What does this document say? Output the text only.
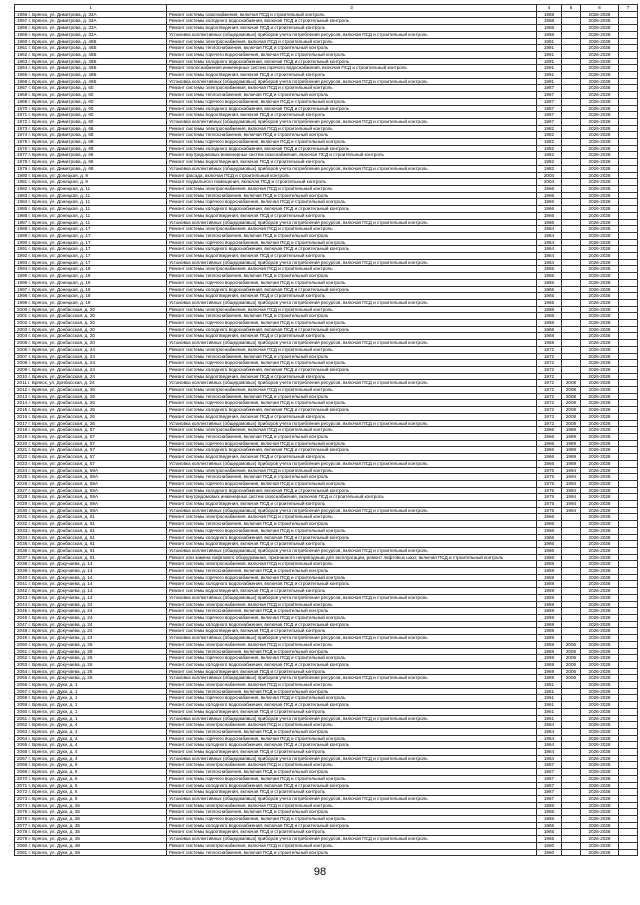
1	3	4	5	6	7
1956 г. Брянск, ул. Димитрова, д. 33А	Ремонт системы газоснабжения, включая ПСД и строительный контроль	1968		2026-2028	
1957 г. Брянск, ул. Димитрова, д. 33А	Ремонт системы холодного водоснабжения, включая ПСД и строительный контроль	1968		2026-2028	
1958 г. Брянск, ул. Димитрова, д. 33А	Ремонт системы водоотведения, включая ПСД и строительный контроль	1968		2026-2028	
1959 г. Брянск, ул. Димитрова, д. 33А	Установка коллективных (общедомовых) приборов учета потребления ресурсов, включая ПСД и строительный контроль	1968		2026-2028	
1960 г. Брянск, ул. Димитрова, д. 46Б	Ремонт системы электроснабжения, включая ПСД и строительный контроль	1991		2026-2028	
1961 г. Брянск, ул. Димитрова, д. 46Б	Ремонт системы теплоснабжения, включая ПСД и строительный контроль	1991		2026-2028	
1962 г. Брянск, ул. Димитрова, д. 46Б	Ремонт системы горячего водоснабжения, включая ПСД и строительный контроль	1991		2026-2028	
1963 г. Брянск, ул. Димитрова, д. 46Б	Ремонт системы холодного водоснабжения, включая ПСД и строительный контроль	1991		2026-2028	
1964 г. Брянск, ул. Димитрова, д. 46Б	Ремонт теплоснабжения инженерных систем горячего водоснабжения, включая ПСД и строительный контроль	1991		2026-2028	
1965 г. Брянск, ул. Димитрова, д. 46Б	Ремонт системы водоотведения, включая ПСД и строительный контроль	1991		2026-2028	
1966 г. Брянск, ул. Димитрова, д. 46Б	Установка коллективных (общедомовых) приборов учета потребления ресурсов, включая ПСД и строительный контроль	1991		2026-2028	
1967 г. Брянск, ул. Димитрова, д. 60	Ремонт системы электроснабжения, включая ПСД и строительный контроль	1967		2026-2028	
1968 г. Брянск, ул. Димитрова, д. 60	Ремонт системы теплоснабжения, включая ПСД и строительный контроль	1967		2026-2028	
1969 г. Брянск, ул. Димитрова, д. 60	Ремонт системы горячего водоснабжения, включая ПСД и строительный контроль	1967		2026-2028	
1970 г. Брянск, ул. Димитрова, д. 60	Ремонт системы холодного водоснабжения, включая ПСД и строительный контроль	1967		2026-2028	
1971 г. Брянск, ул. Димитрова, д. 60	Ремонт системы водоотведения, включая ПСД и строительный контроль	1967		2026-2028	
1972 г. Брянск, ул. Димитрова, д. 60	Установка коллективных (общедомовых) приборов учета потребления ресурсов, включая ПСД и строительный контроль	1967		2026-2028	
1973 г. Брянск, ул. Димитрова, д. 68	Ремонт системы электроснабжения, включая ПСД и строительный контроль	1982		2026-2028	
1974 г. Брянск, ул. Димитрова, д. 68	Ремонт системы теплоснабжения, включая ПСД и строительный контроль	1982		2026-2028	
1975 г. Брянск, ул. Димитрова, д. 68	Ремонт системы горячего водоснабжения, включая ПСД и строительный контроль	1982		2026-2028	
1976 г. Брянск, ул. Димитрова, д. 68	Ремонт системы холодного водоснабжения, включая ПСД и строительный контроль	1982		2026-2028	
1977 г. Брянск, ул. Димитрова, д. 68	Ремонт внутридомовых инженерных систем газоснабжения, включая ПСД и строительный контроль	1982		2026-2028	
1978 г. Брянск, ул. Димитрова, д. 68	Ремонт системы водоотведения, включая ПСД и строительный контроль	1982		2026-2028	
1979 г. Брянск, ул. Димитрова, д. 68	Установка коллективных (общедомовых) приборов учета потребления ресурсов, включая ПСД и строительный контроль	1982		2026-2028	
1980 г. Брянск, ул. Донецкая, д. 9	Ремонт фасада, включая ПСД и строительный контроль	2004		2026-2028	
1981 г. Брянск, ул. Донецкая, д. 9	Ремонт подвального помещения, включая ПСД и строительный контроль	2004		2026-2028	
1982 г. Брянск, ул. Донецкая, д. 11	Ремонт системы электроснабжения, включая ПСД и строительный контроль	1966		2026-2028	
1983 г. Брянск, ул. Донецкая, д. 11	Ремонт системы теплоснабжения, включая ПСД и строительный контроль	1966		2026-2028	
1984 г. Брянск, ул. Донецкая, д. 11	Ремонт системы горячего водоснабжения, включая ПСД и строительный контроль	1966		2026-2028	
1985 г. Брянск, ул. Донецкая, д. 11	Ремонт системы холодного водоснабжения, включая ПСД и строительный контроль	1966		2026-2028	
1986 г. Брянск, ул. Донецкая, д. 11	Ремонт системы водоотведения, включая ПСД и строительный контроль	1966		2026-2028	
1987 г. Брянск, ул. Донецкая, д. 11	Установка коллективных (общедомовых) приборов учета потребления ресурсов, включая ПСД и строительный контроль	1966		2026-2028	
1988 г. Брянск, ул. Донецкая, д. 17	Ремонт системы электроснабжения, включая ПСД и строительный контроль	1964		2026-2028	
1989 г. Брянск, ул. Донецкая, д. 17	Ремонт системы теплоснабжения, включая ПСД и строительный контроль	1964		2026-2028	
1990 г. Брянск, ул. Донецкая, д. 17	Ремонт системы горячего водоснабжения, включая ПСД и строительный контроль	1964		2026-2028	
1991 г. Брянск, ул. Донецкая, д. 17	Ремонт системы холодного водоснабжения, включая ПСД и строительный контроль	1964		2026-2028	
1992 г. Брянск, ул. Донецкая, д. 17	Ремонт системы водоотведения, включая ПСД и строительный контроль	1964		2026-2028	
1993 г. Брянск, ул. Донецкая, д. 17	Установка коллективных (общедомовых) приборов учета потребления ресурсов, включая ПСД и строительный контроль	1964		2026-2028	
1994 г. Брянск, ул. Донецкая, д. 19	Ремонт системы электроснабжения, включая ПСД и строительный контроль	1965		2026-2028	
1995 г. Брянск, ул. Донецкая, д. 19	Ремонт системы теплоснабжения, включая ПСД и строительный контроль	1965		2026-2028	
1996 г. Брянск, ул. Донецкая, д. 19	Ремонт системы горячего водоснабжения, включая ПСД и строительный контроль	1965		2026-2028	
1997 г. Брянск, ул. Донецкая, д. 19	Ремонт системы холодного водоснабжения, включая ПСД и строительный контроль	1965		2026-2028	
1998 г. Брянск, ул. Донецкая, д. 19	Ремонт системы водоотведения, включая ПСД и строительный контроль	1965		2026-2028	
1999 г. Брянск, ул. Донецкая, д. 19	Установка коллективных (общедомовых) приборов учета потребления ресурсов, включая ПСД и строительный контроль	1965		2026-2028	
2000 г. Брянск, ул. Донбасская, д. 20	Ремонт системы электроснабжения, включая ПСД и строительный контроль	1968		2026-2028	
2001 г. Брянск, ул. Донбасская, д. 20	Ремонт системы теплоснабжения, включая ПСД и строительный контроль	1968		2026-2028	
2002 г. Брянск, ул. Донбасская, д. 20	Ремонт системы горячего водоснабжения, включая ПСД и строительный контроль	1968		2026-2028	
2003 г. Брянск, ул. Донбасская, д. 20	Ремонт системы холодного водоснабжения, включая ПСД и строительный контроль	1968		2026-2028	
2004 г. Брянск, ул. Донбасская, д. 20	Ремонт системы водоотведения, включая ПСД и строительный контроль	1968		2026-2028	
2005 г. Брянск, ул. Донбасская, д. 20	Установка коллективных (общедомовых) приборов учета потребления ресурсов, включая ПСД и строительный контроль	1968		2026-2028	
2006 г. Брянск, ул. Донбасская, д. 24	Ремонт системы электроснабжения, включая ПСД и строительный контроль	1972		2026-2028	
2007 г. Брянск, ул. Донбасская, д. 24	Ремонт системы теплоснабжения, включая ПСД и строительный контроль	1972		2026-2028	
2008 г. Брянск, ул. Донбасская, д. 24	Ремонт системы горячего водоснабжения, включая ПСД и строительный контроль	1972		2026-2028	
2009 г. Брянск, ул. Донбасская, д. 24	Ремонт системы холодного водоснабжения, включая ПСД и строительный контроль	1972		2026-2028	
2010 г. Брянск, ул. Донбасская, д. 24	Ремонт системы водоотведения, включая ПСД и строительный контроль	1972		2026-2028	
2011 г. Брянск, ул. Донбасская, д. 24	Установка коллективных (общедомовых) приборов учета потребления ресурсов, включая ПСД и строительный контроль	1972	2008	2026-2028	
2012 г. Брянск, ул. Донбасская, д. 26	Ремонт системы электроснабжения, включая ПСД и строительный контроль	1972	2008	2026-2028	
2013 г. Брянск, ул. Донбасская, д. 26	Ремонт системы теплоснабжения, включая ПСД и строительный контроль	1972	2008	2026-2028	
2014 г. Брянск, ул. Донбасская, д. 26	Ремонт системы горячего водоснабжения, включая ПСД и строительный контроль	1972	2008	2026-2028	
2015 г. Брянск, ул. Донбасская, д. 26	Ремонт системы холодного водоснабжения, включая ПСД и строительный контроль	1972	2008	2026-2028	
2016 г. Брянск, ул. Донбасская, д. 26	Ремонт системы водоотведения, включая ПСД и строительный контроль	1972	2008	2026-2028	
2017 г. Брянск, ул. Донбасская, д. 26	Установка коллективных (общедомовых) приборов учета потребления ресурсов, включая ПСД и строительный контроль	1972	2008	2026-2028	
2018 г. Брянск, ул. Донбасская, д. 57	Ремонт системы электроснабжения, включая ПСД и строительный контроль	1966	1989	2026-2028	
2019 г. Брянск, ул. Донбасская, д. 57	Ремонт системы теплоснабжения, включая ПСД и строительный контроль	1966	1989	2026-2028	
2020 г. Брянск, ул. Донбасская, д. 57	Ремонт системы горячего водоснабжения, включая ПСД и строительный контроль	1966	1989	2026-2028	
2021 г. Брянск, ул. Донбасская, д. 57	Ремонт системы холодного водоснабжения, включая ПСД и строительный контроль	1966	1989	2026-2028	
2022 г. Брянск, ул. Донбасская, д. 57	Ремонт системы водоотведения, включая ПСД и строительный контроль	1966	1989	2026-2028	
2023 г. Брянск, ул. Донбасская, д. 57	Установка коллективных (общедомовых) приборов учета потребления ресурсов, включая ПСД и строительный контроль	1966	1989	2026-2028	
2024 г. Брянск, ул. Донбасская, д. 59А	Ремонт системы электроснабжения, включая ПСД и строительный контроль	1975	1994	2026-2028	
2025 г. Брянск, ул. Донбасская, д. 59А	Ремонт системы теплоснабжения, включая ПСД и строительный контроль	1975	1994	2026-2028	
2026 г. Брянск, ул. Донбасская, д. 59А	Ремонт системы горячего водоснабжения, включая ПСД и строительный контроль	1975	1994	2026-2028	
2027 г. Брянск, ул. Донбасская, д. 59А	Ремонт системы холодного водоснабжения, включая ПСД и строительный контроль	1975	1994	2026-2028	
2028 г. Брянск, ул. Донбасская, д. 59А	Ремонт внутридомовых инженерных систем газоснабжения, включая ПСД и строительный контроль	1975	1994	2026-2028	
2029 г. Брянск, ул. Донбасская, д. 59А	Ремонт системы водоотведения, включая ПСД и строительный контроль	1975	1994	2026-2028	
2030 г. Брянск, ул. Донбасская, д. 59А	Установка коллективных (общедомовых) приборов учета потребления ресурсов, включая ПСД и строительный контроль	1975	1994	2026-2028	
2031 г. Брянск, ул. Донбасская, д. 61	Ремонт системы электроснабжения, включая ПСД и строительный контроль	1966		2026-2028	
2032 г. Брянск, ул. Донбасская, д. 61	Ремонт системы теплоснабжения, включая ПСД и строительный контроль	1966		2026-2028	
2033 г. Брянск, ул. Донбасская, д. 61	Ремонт системы горячего водоснабжения, включая ПСД и строительный контроль	1966		2026-2028	
2034 г. Брянск, ул. Донбасская, д. 61	Ремонт системы холодного водоснабжения, включая ПСД и строительный контроль	1966		2026-2028	
2035 г. Брянск, ул. Донбасская, д. 61	Ремонт системы водоотведения, включая ПСД и строительный контроль	1966		2026-2028	
2036 г. Брянск, ул. Донбасская, д. 61	Установка коллективных (общедомовых) приборов учета потребления ресурсов, включая ПСД и строительный контроль	1966		2026-2028	
2037 г. Брянск, ул. Донбасская, д. 61	Ремонт или замена лифтового оборудования, признанного непригодным для эксплуатации, ремонт лифтовых шахт, включая ПСД и строительный контроль	1966		2026-2028	
2038 г. Брянск, ул. Докучаева, д. 14	Ремонт системы электроснабжения, включая ПСД и строительный контроль	1959		2026-2028	
2039 г. Брянск, ул. Докучаева, д. 14	Ремонт системы теплоснабжения, включая ПСД и строительный контроль	1959		2026-2028	
2040 г. Брянск, ул. Докучаева, д. 14	Ремонт системы горячего водоснабжения, включая ПСД и строительный контроль	1959		2026-2028	
2041 г. Брянск, ул. Докучаева, д. 14	Ремонт системы холодного водоснабжения, включая ПСД и строительный контроль	1959		2026-2028	
2042 г. Брянск, ул. Докучаева, д. 14	Ремонт системы водоотведения, включая ПСД и строительный контроль	1959		2026-2028	
2043 г. Брянск, ул. Докучаева, д. 14	Установка коллективных (общедомовых) приборов учета потребления ресурсов, включая ПСД и строительный контроль	1959		2026-2028	
2044 г. Брянск, ул. Докучаева, д. 24	Ремонт системы электроснабжения, включая ПСД и строительный контроль	1969		2026-2028	
2045 г. Брянск, ул. Докучаева, д. 24	Ремонт системы теплоснабжения, включая ПСД и строительный контроль	1969		2026-2028	
2046 г. Брянск, ул. Докучаева, д. 24	Ремонт системы горячего водоснабжения, включая ПСД и строительный контроль	1969		2026-2028	
2047 г. Брянск, ул. Докучаева, д. 24	Ремонт системы холодного водоснабжения, включая ПСД и строительный контроль	1969		2026-2028	
2048 г. Брянск, ул. Докучаева, д. 24	Ремонт системы водоотведения, включая ПСД и строительный контроль	1969		2026-2028	
2049 г. Брянск, ул. Докучаева, д. 24	Установка коллективных (общедомовых) приборов учета потребления ресурсов, включая ПСД и строительный контроль	1969		2026-2028	
2050 г. Брянск, ул. Докучаева, д. 26	Ремонт системы электроснабжения, включая ПСД и строительный контроль	1969	2006	2026-2028	
2051 г. Брянск, ул. Докучаева, д. 26	Ремонт системы теплоснабжения, включая ПСД и строительный контроль	1969	2006	2026-2028	
2052 г. Брянск, ул. Докучаева, д. 26	Ремонт системы горячего водоснабжения, включая ПСД и строительный контроль	1969	2006	2026-2028	
2053 г. Брянск, ул. Докучаева, д. 26	Ремонт системы холодного водоснабжения, включая ПСД и строительный контроль	1969	2006	2026-2028	
2054 г. Брянск, ул. Докучаева, д. 26	Ремонт системы водоотведения, включая ПСД и строительный контроль	1969	2006	2026-2028	
2055 г. Брянск, ул. Докучаева, д. 26	Установка коллективных (общедомовых) приборов учета потребления ресурсов, включая ПСД и строительный контроль	1969	2006	2026-2028	
2056 г. Брянск, ул. Дуки, д. 1	Ремонт системы электроснабжения, включая ПСД и строительный контроль	1961		2026-2028	
2057 г. Брянск, ул. Дуки, д. 1	Ремонт системы теплоснабжения, включая ПСД и строительный контроль	1961		2026-2028	
2058 г. Брянск, ул. Дуки, д. 1	Ремонт системы горячего водоснабжения, включая ПСД и строительный контроль	1961		2026-2028	
2059 г. Брянск, ул. Дуки, д. 1	Ремонт системы холодного водоснабжения, включая ПСД и строительный контроль	1961		2026-2028	
2060 г. Брянск, ул. Дуки, д. 1	Ремонт системы водоотведения, включая ПСД и строительный контроль	1961		2026-2028	
2061 г. Брянск, ул. Дуки, д. 1	Установка коллективных (общедомовых) приборов учета потребления ресурсов, включая ПСД и строительный контроль	1961		2026-2028	
2062 г. Брянск, ул. Дуки, д. 4	Ремонт системы электроснабжения, включая ПСД и строительный контроль	1964		2026-2028	
2063 г. Брянск, ул. Дуки, д. 4	Ремонт системы теплоснабжения, включая ПСД и строительный контроль	1964		2026-2028	
2064 г. Брянск, ул. Дуки, д. 4	Ремонт системы горячего водоснабжения, включая ПСД и строительный контроль	1964		2026-2028	
2065 г. Брянск, ул. Дуки, д. 4	Ремонт системы холодного водоснабжения, включая ПСД и строительный контроль	1964		2026-2028	
2066 г. Брянск, ул. Дуки, д. 4	Ремонт системы водоотведения, включая ПСД и строительный контроль	1964		2026-2028	
2067 г. Брянск, ул. Дуки, д. 4	Установка коллективных (общедомовых) приборов учета потребления ресурсов, включая ПСД и строительный контроль	1964		2026-2028	
2068 г. Брянск, ул. Дуки, д. 6	Ремонт системы электроснабжения, включая ПСД и строительный контроль	1967		2026-2028	
2069 г. Брянск, ул. Дуки, д. 6	Ремонт системы теплоснабжения, включая ПСД и строительный контроль	1967		2026-2028	
2070 г. Брянск, ул. Дуки, д. 6	Ремонт системы горячего водоснабжения, включая ПСД и строительный контроль	1967		2026-2028	
2071 г. Брянск, ул. Дуки, д. 6	Ремонт системы холодного водоснабжения, включая ПСД и строительный контроль	1967		2026-2028	
2072 г. Брянск, ул. Дуки, д. 6	Ремонт системы водоотведения, включая ПСД и строительный контроль	1967		2026-2028	
2073 г. Брянск, ул. Дуки, д. 6	Установка коллективных (общедомовых) приборов учета потребления ресурсов, включая ПСД и строительный контроль	1967		2026-2028	
2074 г. Брянск, ул. Дуки, д. 35	Ремонт системы электроснабжения, включая ПСД и строительный контроль	1965		2026-2028	
2075 г. Брянск, ул. Дуки, д. 35	Ремонт системы теплоснабжения, включая ПСД и строительный контроль	1965		2026-2028	
2076 г. Брянск, ул. Дуки, д. 35	Ремонт системы горячего водоснабжения, включая ПСД и строительный контроль	1965		2026-2028	
2077 г. Брянск, ул. Дуки, д. 35	Ремонт системы холодного водоснабжения, включая ПСД и строительный контроль	1965		2026-2028	
2078 г. Брянск, ул. Дуки, д. 35	Ремонт системы водоотведения, включая ПСД и строительный контроль	1965		2026-2028	
2079 г. Брянск, ул. Дуки, д. 35	Установка коллективных (общедомовых) приборов учета потребления ресурсов, включая ПСД и строительный контроль	1965		2026-2028	
2080 г. Брянск, ул. Дуки, д. 38	Ремонт системы электроснабжения, включая ПСД и строительный контроль	1960		2026-2028	
2081 г. Брянск, ул. Дуки, д. 38	Ремонт системы теплоснабжения, включая ПСД и строительный контроль	1960		2026-2028	
98
